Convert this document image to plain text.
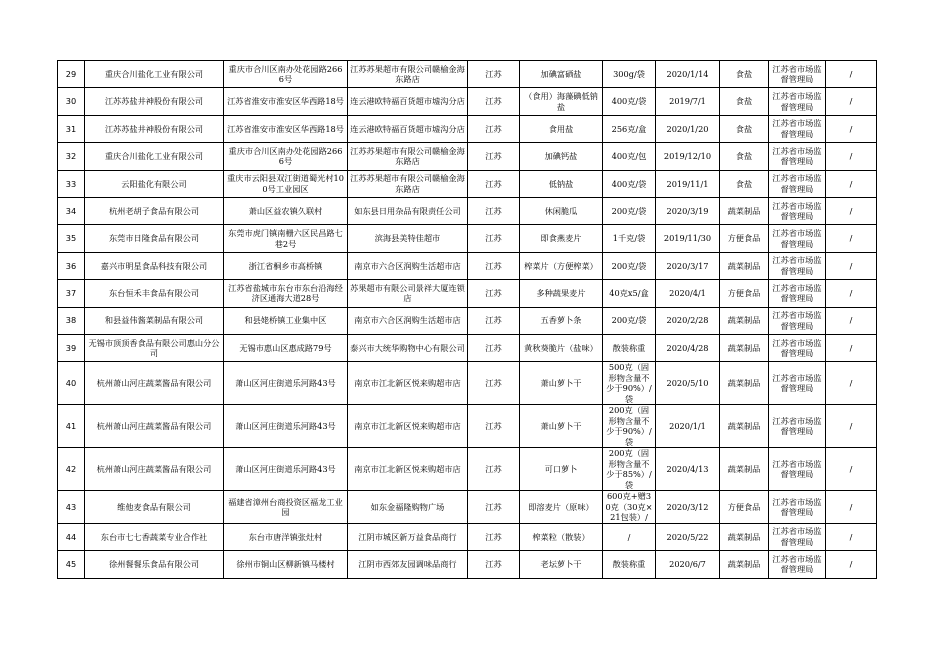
29	重庆合川盐化工业有限公司	重庆市合川区南办处花园路2666号	江苏苏果超市有限公司赣榆金海东路店	江苏	加碘富硒盐	300g/袋	2020/1/14	食盐	江苏省市场监督管理局	/
30	江苏苏盐井神股份有限公司	江苏省淮安市淮安区华西路18号	连云港欧特福百货超市墟沟分店	江苏	（食用）海藻碘低钠盐	400克/袋	2019/7/1	食盐	江苏省市场监督管理局	/
31	江苏苏盐井神股份有限公司	江苏省淮安市淮安区华西路18号	连云港欧特福百货超市墟沟分店	江苏	食用盐	256克/盒	2020/1/20	食盐	江苏省市场监督管理局	/
32	重庆合川盐化工业有限公司	重庆市合川区南办处花园路2666号	江苏苏果超市有限公司赣榆金海东路店	江苏	加碘钙盐	400克/包	2019/12/10	食盐	江苏省市场监督管理局	/
33	云阳盐化有限公司	重庆市云阳县双江街道蜀光村100号工业园区	江苏苏果超市有限公司赣榆金海东路店	江苏	低钠盐	400克/袋	2019/11/1	食盐	江苏省市场监督管理局	/
34	杭州老胡子食品有限公司	萧山区益农镇久联村	如东县日用杂品有限责任公司	江苏	休闲脆瓜	200克/袋	2020/3/19	蔬菜制品	江苏省市场监督管理局	/
35	东莞市日隆食品有限公司	东莞市虎门镇南栅六区民昌路七巷2号	滨海县美特佳超市	江苏	即食燕麦片	1千克/袋	2019/11/30	方便食品	江苏省市场监督管理局	/
36	嘉兴市明星食品科技有限公司	浙江省桐乡市高桥镇	南京市六合区润购生活超市店	江苏	榨菜片（方便榨菜）	200克/袋	2020/3/17	蔬菜制品	江苏省市场监督管理局	/
37	东台恒禾丰食品有限公司	江苏省盐城市东台市东台沿海经济区通海大道28号	苏果超市有限公司景祥大厦连锁店	江苏	多种蔬果麦片	40克x5/盒	2020/4/1	方便食品	江苏省市场监督管理局	/
38	和县益伟酱菜制品有限公司	和县姥桥镇工业集中区	南京市六合区润购生活超市店	江苏	五香萝卜条	200克/袋	2020/2/28	蔬菜制品	江苏省市场监督管理局	/
39	无锡市顶顶香食品有限公司惠山分公司	无锡市惠山区惠成路79号	泰兴市大统华购物中心有限公司	江苏	黄秋葵脆片（盐味）	散装称重	2020/4/28	蔬菜制品	江苏省市场监督管理局	/
40	杭州萧山河庄蔬菜酱品有限公司	萧山区河庄街道乐河路43号	南京市江北新区悦来购超市店	江苏	萧山萝卜干	500克（固形物含量不少于90%）/袋	2020/5/10	蔬菜制品	江苏省市场监督管理局	/
41	杭州萧山河庄蔬菜酱品有限公司	萧山区河庄街道乐河路43号	南京市江北新区悦来购超市店	江苏	萧山萝卜干	200克（固形物含量不少于90%）/袋	2020/1/1	蔬菜制品	江苏省市场监督管理局	/
42	杭州萧山河庄蔬菜酱品有限公司	萧山区河庄街道乐河路43号	南京市江北新区悦来购超市店	江苏	可口萝卜	200克（固形物含量不少于85%）/袋	2020/4/13	蔬菜制品	江苏省市场监督管理局	/
43	维他麦食品有限公司	福建省漳州台商投资区福龙工业园	如东金福隆购物广场	江苏	即溶麦片（原味）	600克+赠30克（30克×21包装）/	2020/3/12	方便食品	江苏省市场监督管理局	/
44	东台市七七香蔬菜专业合作社	东台市唐洋镇张灶村	江阴市城区新万益食品商行	江苏	榨菜粒（散装）	/	2020/5/22	蔬菜制品	江苏省市场监督管理局	/
45	徐州餐餐乐食品有限公司	徐州市铜山区柳新镇马楼村	江阴市西郊友园调味品商行	江苏	老坛萝卜干	散装称重	2020/6/7	蔬菜制品	江苏省市场监督管理局	/
